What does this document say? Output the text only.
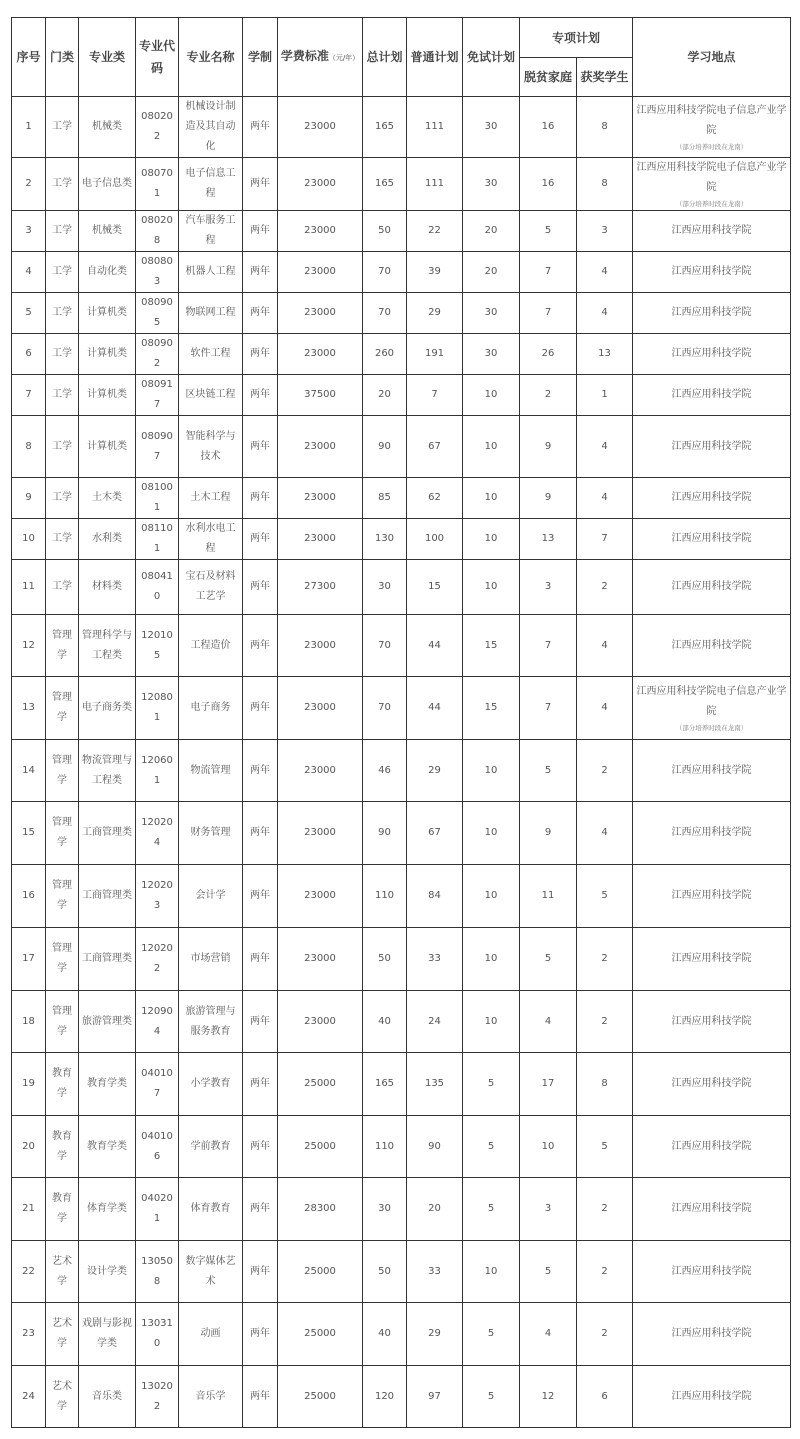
序号	门类	专业类	专业代码	专业名称	学制	学费标准（元/年）	总计划	普通计划	免试计划	专项计划		学习地点
										脱贫家庭	获奖学生	
1	工学	机械类	080202	机械设计制造及其自动化	两年	23000	165	111	30	16	8	江西应用科技学院电子信息产业学院
（部分培养时段在龙南）

2	工学	电子信息类	080701	电子信息工程	两年	23000	165	111	30	16	8	江西应用科技学院电子信息产业学院
（部分培养时段在龙南）

3	工学	机械类	080208	汽车服务工程	两年	23000	50	22	20	5	3	江西应用科技学院
4	工学	自动化类	080803	机器人工程	两年	23000	70	39	20	7	4	江西应用科技学院
5	工学	计算机类	080905	物联网工程	两年	23000	70	29	30	7	4	江西应用科技学院
6	工学	计算机类	080902	软件工程	两年	23000	260	191	30	26	13	江西应用科技学院
7	工学	计算机类	080917	区块链工程	两年	37500	20	7	10	2	1	江西应用科技学院
8	工学	计算机类	080907	智能科学与技术	两年	23000	90	67	10	9	4	江西应用科技学院
9	工学	土木类	081001	土木工程	两年	23000	85	62	10	9	4	江西应用科技学院
10	工学	水利类	081101	水利水电工程	两年	23000	130	100	10	13	7	江西应用科技学院
11	工学	材料类	080410	宝石及材料工艺学	两年	27300	30	15	10	3	2	江西应用科技学院
12	管理学	管理科学与工程类	120105	工程造价	两年	23000	70	44	15	7	4	江西应用科技学院
13	管理学	电子商务类	120801	电子商务	两年	23000	70	44	15	7	4	江西应用科技学院电子信息产业学院
（部分培养时段在龙南）

14	管理学	物流管理与工程类	120601	物流管理	两年	23000	46	29	10	5	2	江西应用科技学院
15	管理学	工商管理类	120204	财务管理	两年	23000	90	67	10	9	4	江西应用科技学院
16	管理学	工商管理类	120203	会计学	两年	23000	110	84	10	11	5	江西应用科技学院
17	管理学	工商管理类	120202	市场营销	两年	23000	50	33	10	5	2	江西应用科技学院
18	管理学	旅游管理类	120904	旅游管理与服务教育	两年	23000	40	24	10	4	2	江西应用科技学院
19	教育学	教育学类	040107	小学教育	两年	25000	165	135	5	17	8	江西应用科技学院
20	教育学	教育学类	040106	学前教育	两年	25000	110	90	5	10	5	江西应用科技学院
21	教育学	体育学类	040201	体育教育	两年	28300	30	20	5	3	2	江西应用科技学院
22	艺术学	设计学类	130508	数字媒体艺术	两年	25000	50	33	10	5	2	江西应用科技学院
23	艺术学	戏剧与影视学类	130310	动画	两年	25000	40	29	5	4	2	江西应用科技学院
24	艺术学	音乐类	130202	音乐学	两年	25000	120	97	5	12	6	江西应用科技学院
